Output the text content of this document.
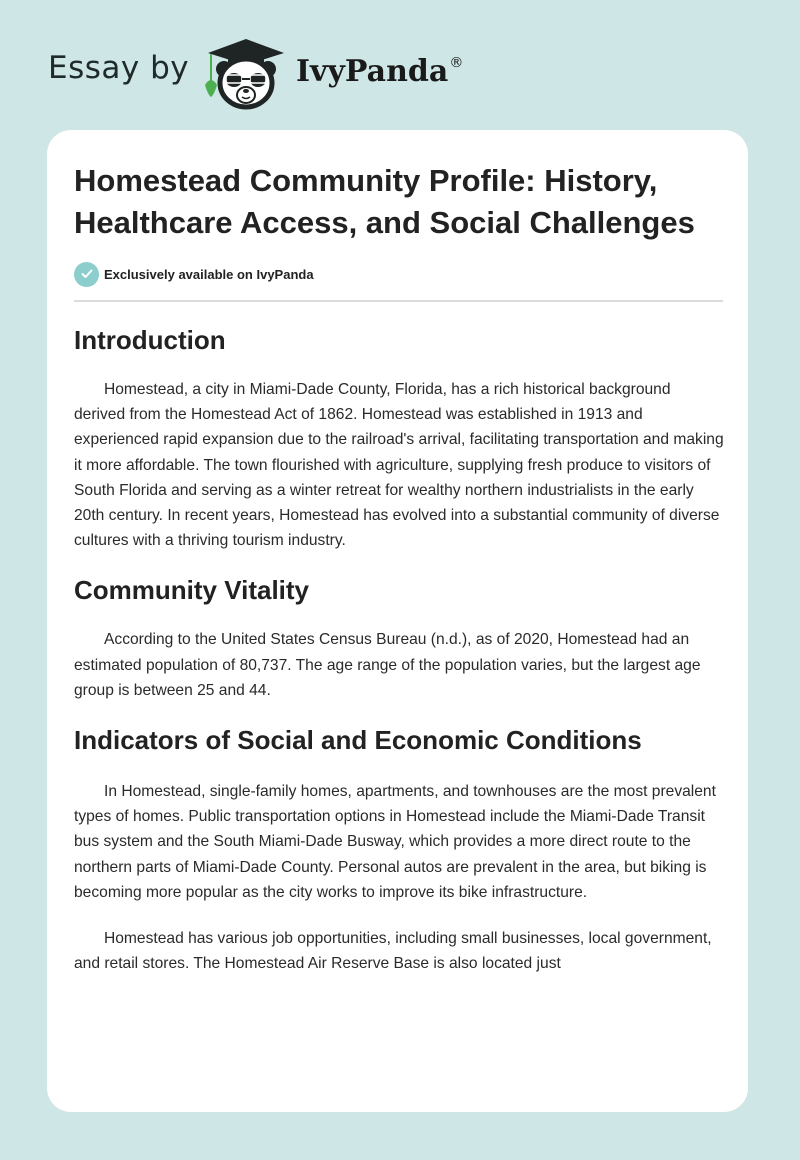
Essay by	IvyPanda®
Homestead Community Profile: History, Healthcare Access, and Social Challenges
Exclusively available on IvyPanda
Introduction

Homestead, a city in Miami-Dade County, Florida, has a rich historical background derived from the Homestead Act of 1862. Homestead was established in 1913 and experienced rapid expansion due to the railroad's arrival, facilitating transportation and making it more affordable. The town flourished with agriculture, supplying fresh produce to visitors of South Florida and serving as a winter retreat for wealthy northern industrialists in the early 20th century. In recent years, Homestead has evolved into a substantial community of diverse cultures with a thriving tourism industry.

Community Vitality

According to the United States Census Bureau (n.d.), as of 2020, Homestead had an estimated population of 80,737. The age range of the population varies, but the largest age group is between 25 and 44.

Indicators of Social and Economic Conditions

In Homestead, single-family homes, apartments, and townhouses are the most prevalent types of homes. Public transportation options in Homestead include the Miami-Dade Transit bus system and the South Miami-Dade Busway, which provides a more direct route to the northern parts of Miami-Dade County. Personal autos are prevalent in the area, but biking is becoming more popular as the city works to improve its bike infrastructure.

Homestead has various job opportunities, including small businesses, local government, and retail stores. The Homestead Air Reserve Base is also located just
